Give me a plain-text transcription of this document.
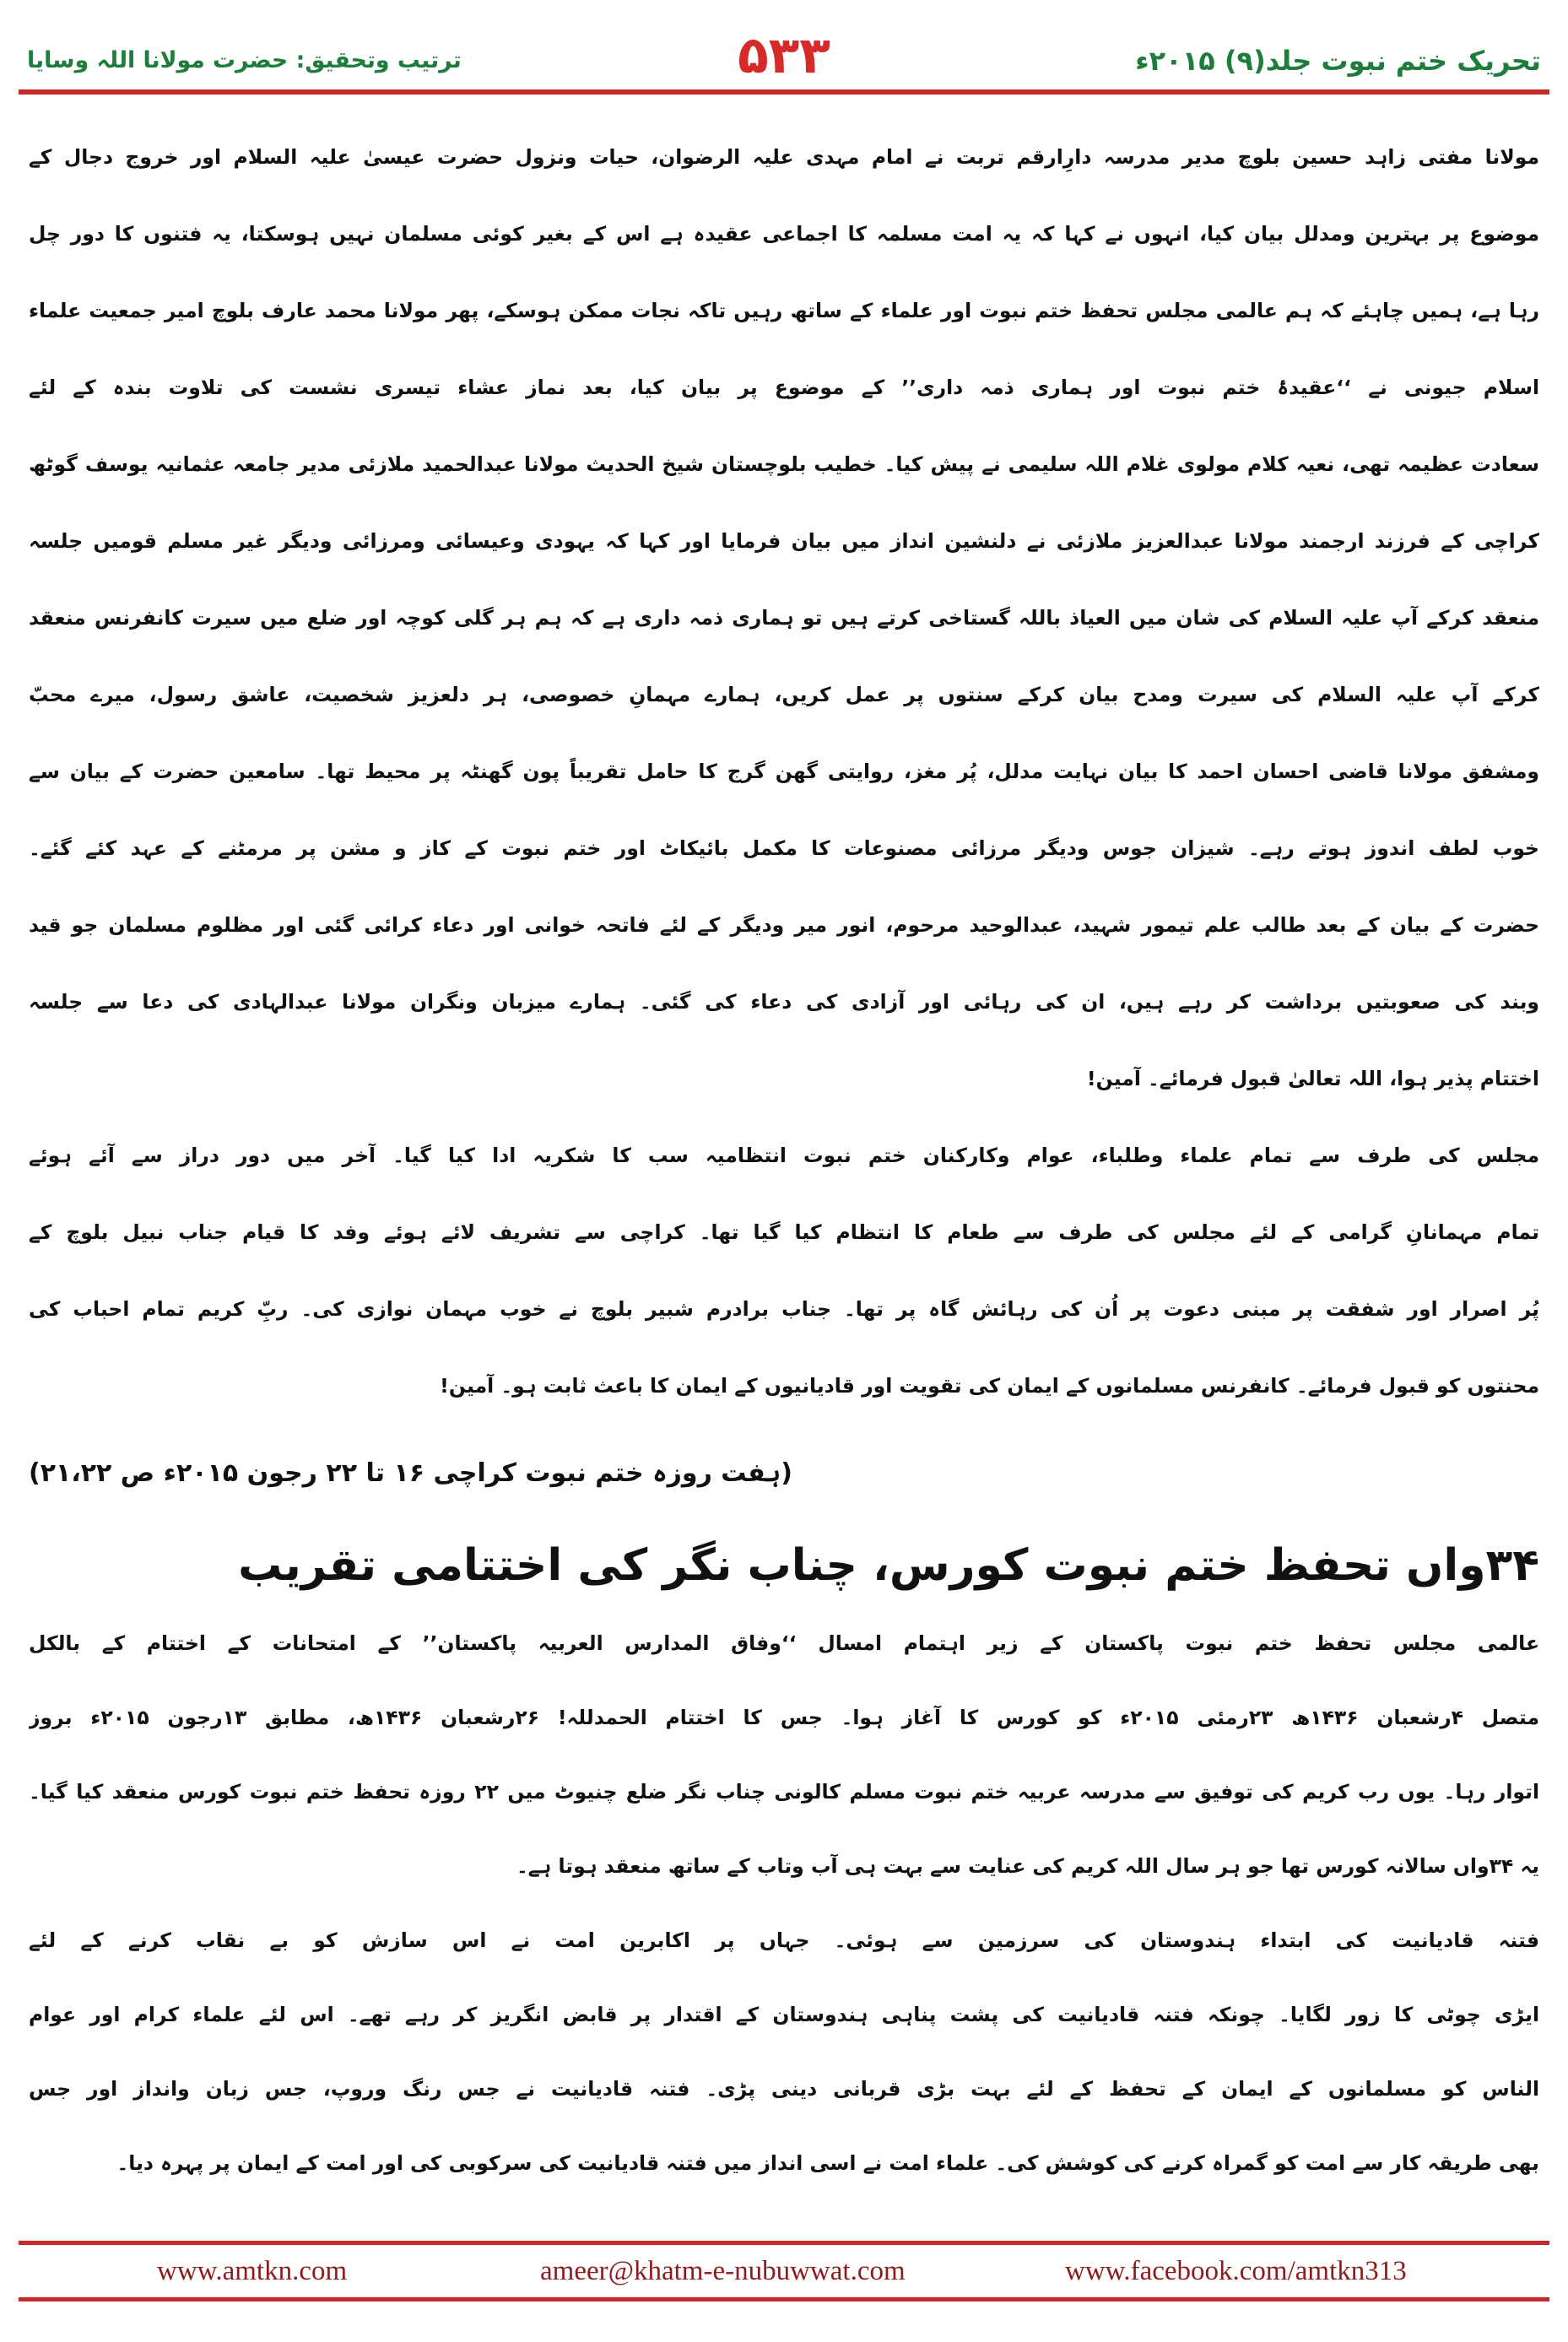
تحریک ختم نبوت جلد(۹) ۲۰۱۵ء
۵۳۳
ترتیب وتحقیق: حضرت مولانا اللہ وسایا
مولانا مفتی زاہد حسین بلوچ مدیر مدرسہ دارِارقم تربت نے امام مہدی علیہ الرضوان، حیات ونزول حضرت عیسیٰ علیہ السلام اور خروج دجال کے
موضوع پر بہترین ومدلل بیان کیا، انہوں نے کہا کہ یہ امت مسلمہ کا اجماعی عقیدہ ہے اس کے بغیر کوئی مسلمان نہیں ہوسکتا، یہ فتنوں کا دور چل
رہا ہے، ہمیں چاہئے کہ ہم عالمی مجلس تحفظ ختم نبوت اور علماء کے ساتھ رہیں تاکہ نجات ممکن ہوسکے، پھر مولانا محمد عارف بلوچ امیر جمعیت علماء
اسلام جیونی نے ‘‘عقیدۂ ختم نبوت اور ہماری ذمہ داری’’ کے موضوع پر بیان کیا، بعد نماز عشاء تیسری نشست کی تلاوت بندہ کے لئے
سعادت عظیمہ تھی، نعیہ کلام مولوی غلام اللہ سلیمی نے پیش کیا۔ خطیب بلوچستان شیخ الحدیث مولانا عبدالحمید ملازئی مدیر جامعہ عثمانیہ یوسف گوٹھ
کراچی کے فرزند ارجمند مولانا عبدالعزیز ملازئی نے دلنشین انداز میں بیان فرمایا اور کہا کہ یہودی وعیسائی ومرزائی ودیگر غیر مسلم قومیں جلسہ
منعقد کرکے آپ علیہ السلام کی شان میں العیاذ باللہ گستاخی کرتے ہیں تو ہماری ذمہ داری ہے کہ ہم ہر گلی کوچہ اور ضلع میں سیرت کانفرنس منعقد
کرکے آپ علیہ السلام کی سیرت ومدح بیان کرکے سنتوں پر عمل کریں، ہمارے مہمانِ خصوصی، ہر دلعزیز شخصیت، عاشق رسول، میرے محبّ
ومشفق مولانا قاضی احسان احمد کا بیان نہایت مدلل، پُر مغز، روایتی گھن گرج کا حامل تقریباً پون گھنٹہ پر محیط تھا۔ سامعین حضرت کے بیان سے
خوب لطف اندوز ہوتے رہے۔ شیزان جوس ودیگر مرزائی مصنوعات کا مکمل بائیکاٹ اور ختم نبوت کے کاز و مشن پر مرمٹنے کے عہد کئے گئے۔
حضرت کے بیان کے بعد طالب علم تیمور شہید، عبدالوحید مرحوم، انور میر ودیگر کے لئے فاتحہ خوانی اور دعاء کرائی گئی اور مظلوم مسلمان جو قید
وبند کی صعوبتیں برداشت کر رہے ہیں، ان کی رہائی اور آزادی کی دعاء کی گئی۔ ہمارے میزبان ونگران مولانا عبدالہادی کی دعا سے جلسہ
اختتام پذیر ہوا، اللہ تعالیٰ قبول فرمائے۔ آمین!
مجلس کی طرف سے تمام علماء وطلباء، عوام وکارکنان ختم نبوت انتظامیہ سب کا شکریہ ادا کیا گیا۔ آخر میں دور دراز سے آئے ہوئے
تمام مہمانانِ گرامی کے لئے مجلس کی طرف سے طعام کا انتظام کیا گیا تھا۔ کراچی سے تشریف لائے ہوئے وفد کا قیام جناب نبیل بلوچ کے
پُر اصرار اور شفقت پر مبنی دعوت پر اُن کی رہائش گاہ پر تھا۔ جناب برادرم شبیر بلوچ نے خوب مہمان نوازی کی۔ ربِّ کریم تمام احباب کی
محنتوں کو قبول فرمائے۔ کانفرنس مسلمانوں کے ایمان کی تقویت اور قادیانیوں کے ایمان کا باعث ثابت ہو۔ آمین!
(ہفت روزہ ختم نبوت کراچی ۱۶ تا ۲۲ رجون ۲۰۱۵ء ص ۲۱،۲۲)
۳۴واں تحفظ ختم نبوت کورس، چناب نگر کی اختتامی تقریب
عالمی مجلس تحفظ ختم نبوت پاکستان کے زیر اہتمام امسال ‘‘وفاق المدارس العربیہ پاکستان’’ کے امتحانات کے اختتام کے بالکل
متصل ۴رشعبان ۱۴۳۶ھ ۲۳رمئی ۲۰۱۵ء کو کورس کا آغاز ہوا۔ جس کا اختتام الحمدللہ! ۲۶رشعبان ۱۴۳۶ھ، مطابق ۱۳رجون ۲۰۱۵ء بروز
اتوار رہا۔ یوں رب کریم کی توفیق سے مدرسہ عربیہ ختم نبوت مسلم کالونی چناب نگر ضلع چنیوٹ میں ۲۲ روزہ تحفظ ختم نبوت کورس منعقد کیا گیا۔
یہ ۳۴واں سالانہ کورس تھا جو ہر سال اللہ کریم کی عنایت سے بہت ہی آب وتاب کے ساتھ منعقد ہوتا ہے۔
فتنہ قادیانیت کی ابتداء ہندوستان کی سرزمین سے ہوئی۔ جہاں پر اکابرین امت نے اس سازش کو بے نقاب کرنے کے لئے
ایڑی چوٹی کا زور لگایا۔ چونکہ فتنہ قادیانیت کی پشت پناہی ہندوستان کے اقتدار پر قابض انگریز کر رہے تھے۔ اس لئے علماء کرام اور عوام
الناس کو مسلمانوں کے ایمان کے تحفظ کے لئے بہت بڑی قربانی دینی پڑی۔ فتنہ قادیانیت نے جس رنگ وروپ، جس زبان وانداز اور جس
بھی طریقہ کار سے امت کو گمراہ کرنے کی کوشش کی۔ علماء امت نے اسی انداز میں فتنہ قادیانیت کی سرکوبی کی اور امت کے ایمان پر پہرہ دیا۔
www.amtkn.com	ameer@khatm-e-nubuwwat.com	www.facebook.com/amtkn313
